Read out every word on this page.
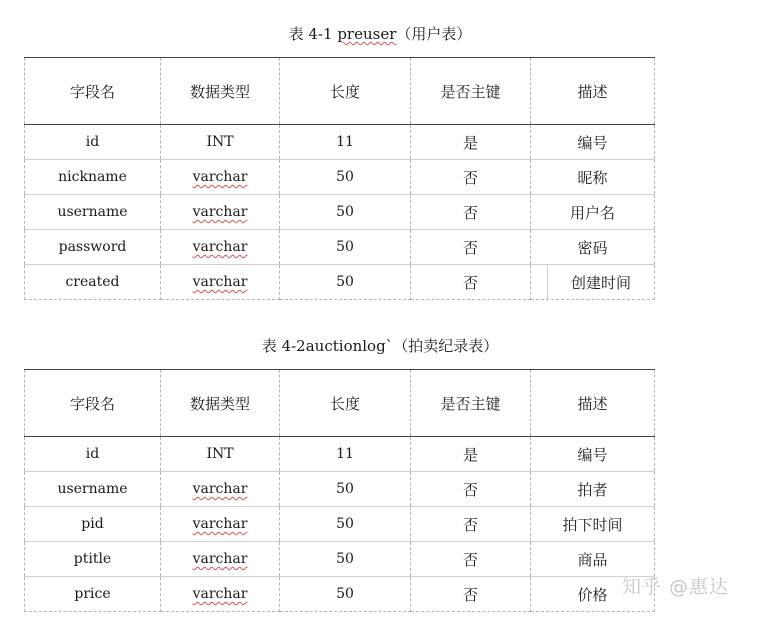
表 4-1 preuser（用户表）
字段名	数据类型	长度	是否主键	描述
id	INT	11	是	编号
nickname	varchar	50	否	昵称
username	varchar	50	否	用户名
password	varchar	50	否	密码
created	varchar	50	否	创建时间
表 4-2auctionlog`（拍卖纪录表）
字段名	数据类型	长度	是否主键	描述
id	INT	11	是	编号
username	varchar	50	否	拍者
pid	varchar	50	否	拍下时间
ptitle	varchar	50	否	商品
price	varchar	50	否	价格 知乎 @惠达
